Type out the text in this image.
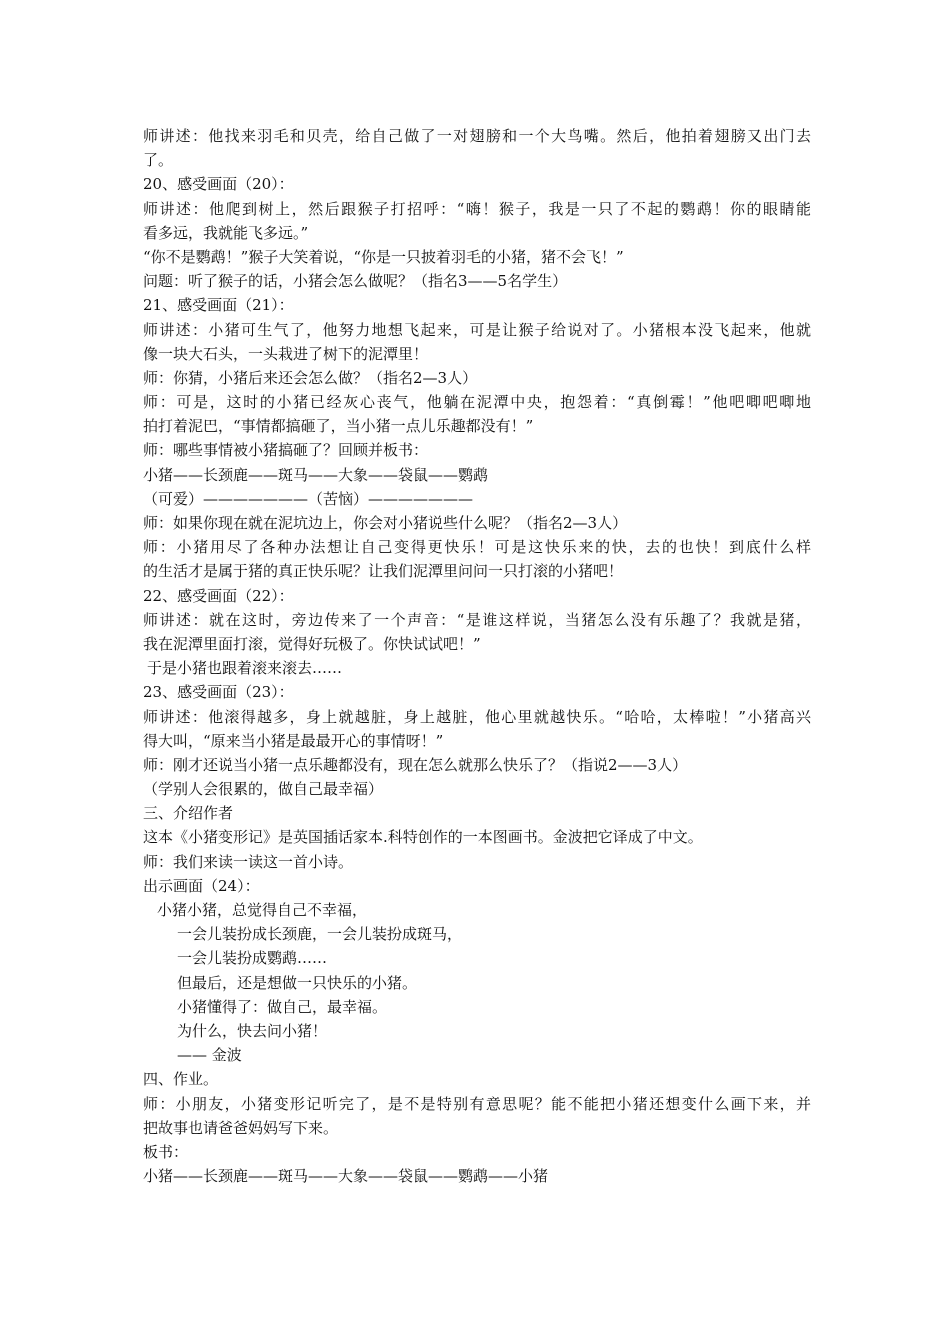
师讲述：他找来羽毛和贝壳，给自己做了一对翅膀和一个大鸟嘴。然后，他拍着翅膀又出门去
了。
20、感受画面（20）：
师讲述：他爬到树上，然后跟猴子打招呼：“嗨！猴子，我是一只了不起的鹦鹉！你的眼睛能
看多远，我就能飞多远。”
“你不是鹦鹉！”猴子大笑着说，“你是一只披着羽毛的小猪，猪不会飞！”
问题：听了猴子的话，小猪会怎么做呢？（指名3——5名学生）
21、感受画面（21）：
师讲述：小猪可生气了，他努力地想飞起来，可是让猴子给说对了。小猪根本没飞起来，他就
像一块大石头，一头栽进了树下的泥潭里！
师：你猜，小猪后来还会怎么做？（指名2—3人）
师：可是，这时的小猪已经灰心丧气，他躺在泥潭中央，抱怨着：“真倒霉！”他吧唧吧唧地
拍打着泥巴，“事情都搞砸了，当小猪一点儿乐趣都没有！”
师：哪些事情被小猪搞砸了？回顾并板书：
小猪——长颈鹿——斑马——大象——袋鼠——鹦鹉
（可爱）———————（苦恼）———————
师：如果你现在就在泥坑边上，你会对小猪说些什么呢？（指名2—3人）
师：小猪用尽了各种办法想让自己变得更快乐！可是这快乐来的快，去的也快！到底什么样
的生活才是属于猪的真正快乐呢？让我们泥潭里问问一只打滚的小猪吧！
22、感受画面（22）：
师讲述：就在这时，旁边传来了一个声音：“是谁这样说，当猪怎么没有乐趣了？我就是猪，
我在泥潭里面打滚，觉得好玩极了。你快试试吧！”
于是小猪也跟着滚来滚去……
23、感受画面（23）：
师讲述：他滚得越多，身上就越脏，身上越脏，他心里就越快乐。“哈哈，太棒啦！”小猪高兴
得大叫，“原来当小猪是最最开心的事情呀！”
师：刚才还说当小猪一点乐趣都没有，现在怎么就那么快乐了？（指说2——3人）
（学别人会很累的，做自己最幸福）
三、介绍作者
这本《小猪变形记》是英国插话家本.科特创作的一本图画书。金波把它译成了中文。
师：我们来读一读这一首小诗。
出示画面（24）：
小猪小猪，总觉得自己不幸福，
一会儿装扮成长颈鹿，一会儿装扮成斑马，
一会儿装扮成鹦鹉……
但最后，还是想做一只快乐的小猪。
小猪懂得了：做自己，最幸福。
为什么，快去问小猪！
—— 金波
四、作业。
师：小朋友，小猪变形记听完了，是不是特别有意思呢？能不能把小猪还想变什么画下来，并
把故事也请爸爸妈妈写下来。
板书：
小猪——长颈鹿——斑马——大象——袋鼠——鹦鹉——小猪
